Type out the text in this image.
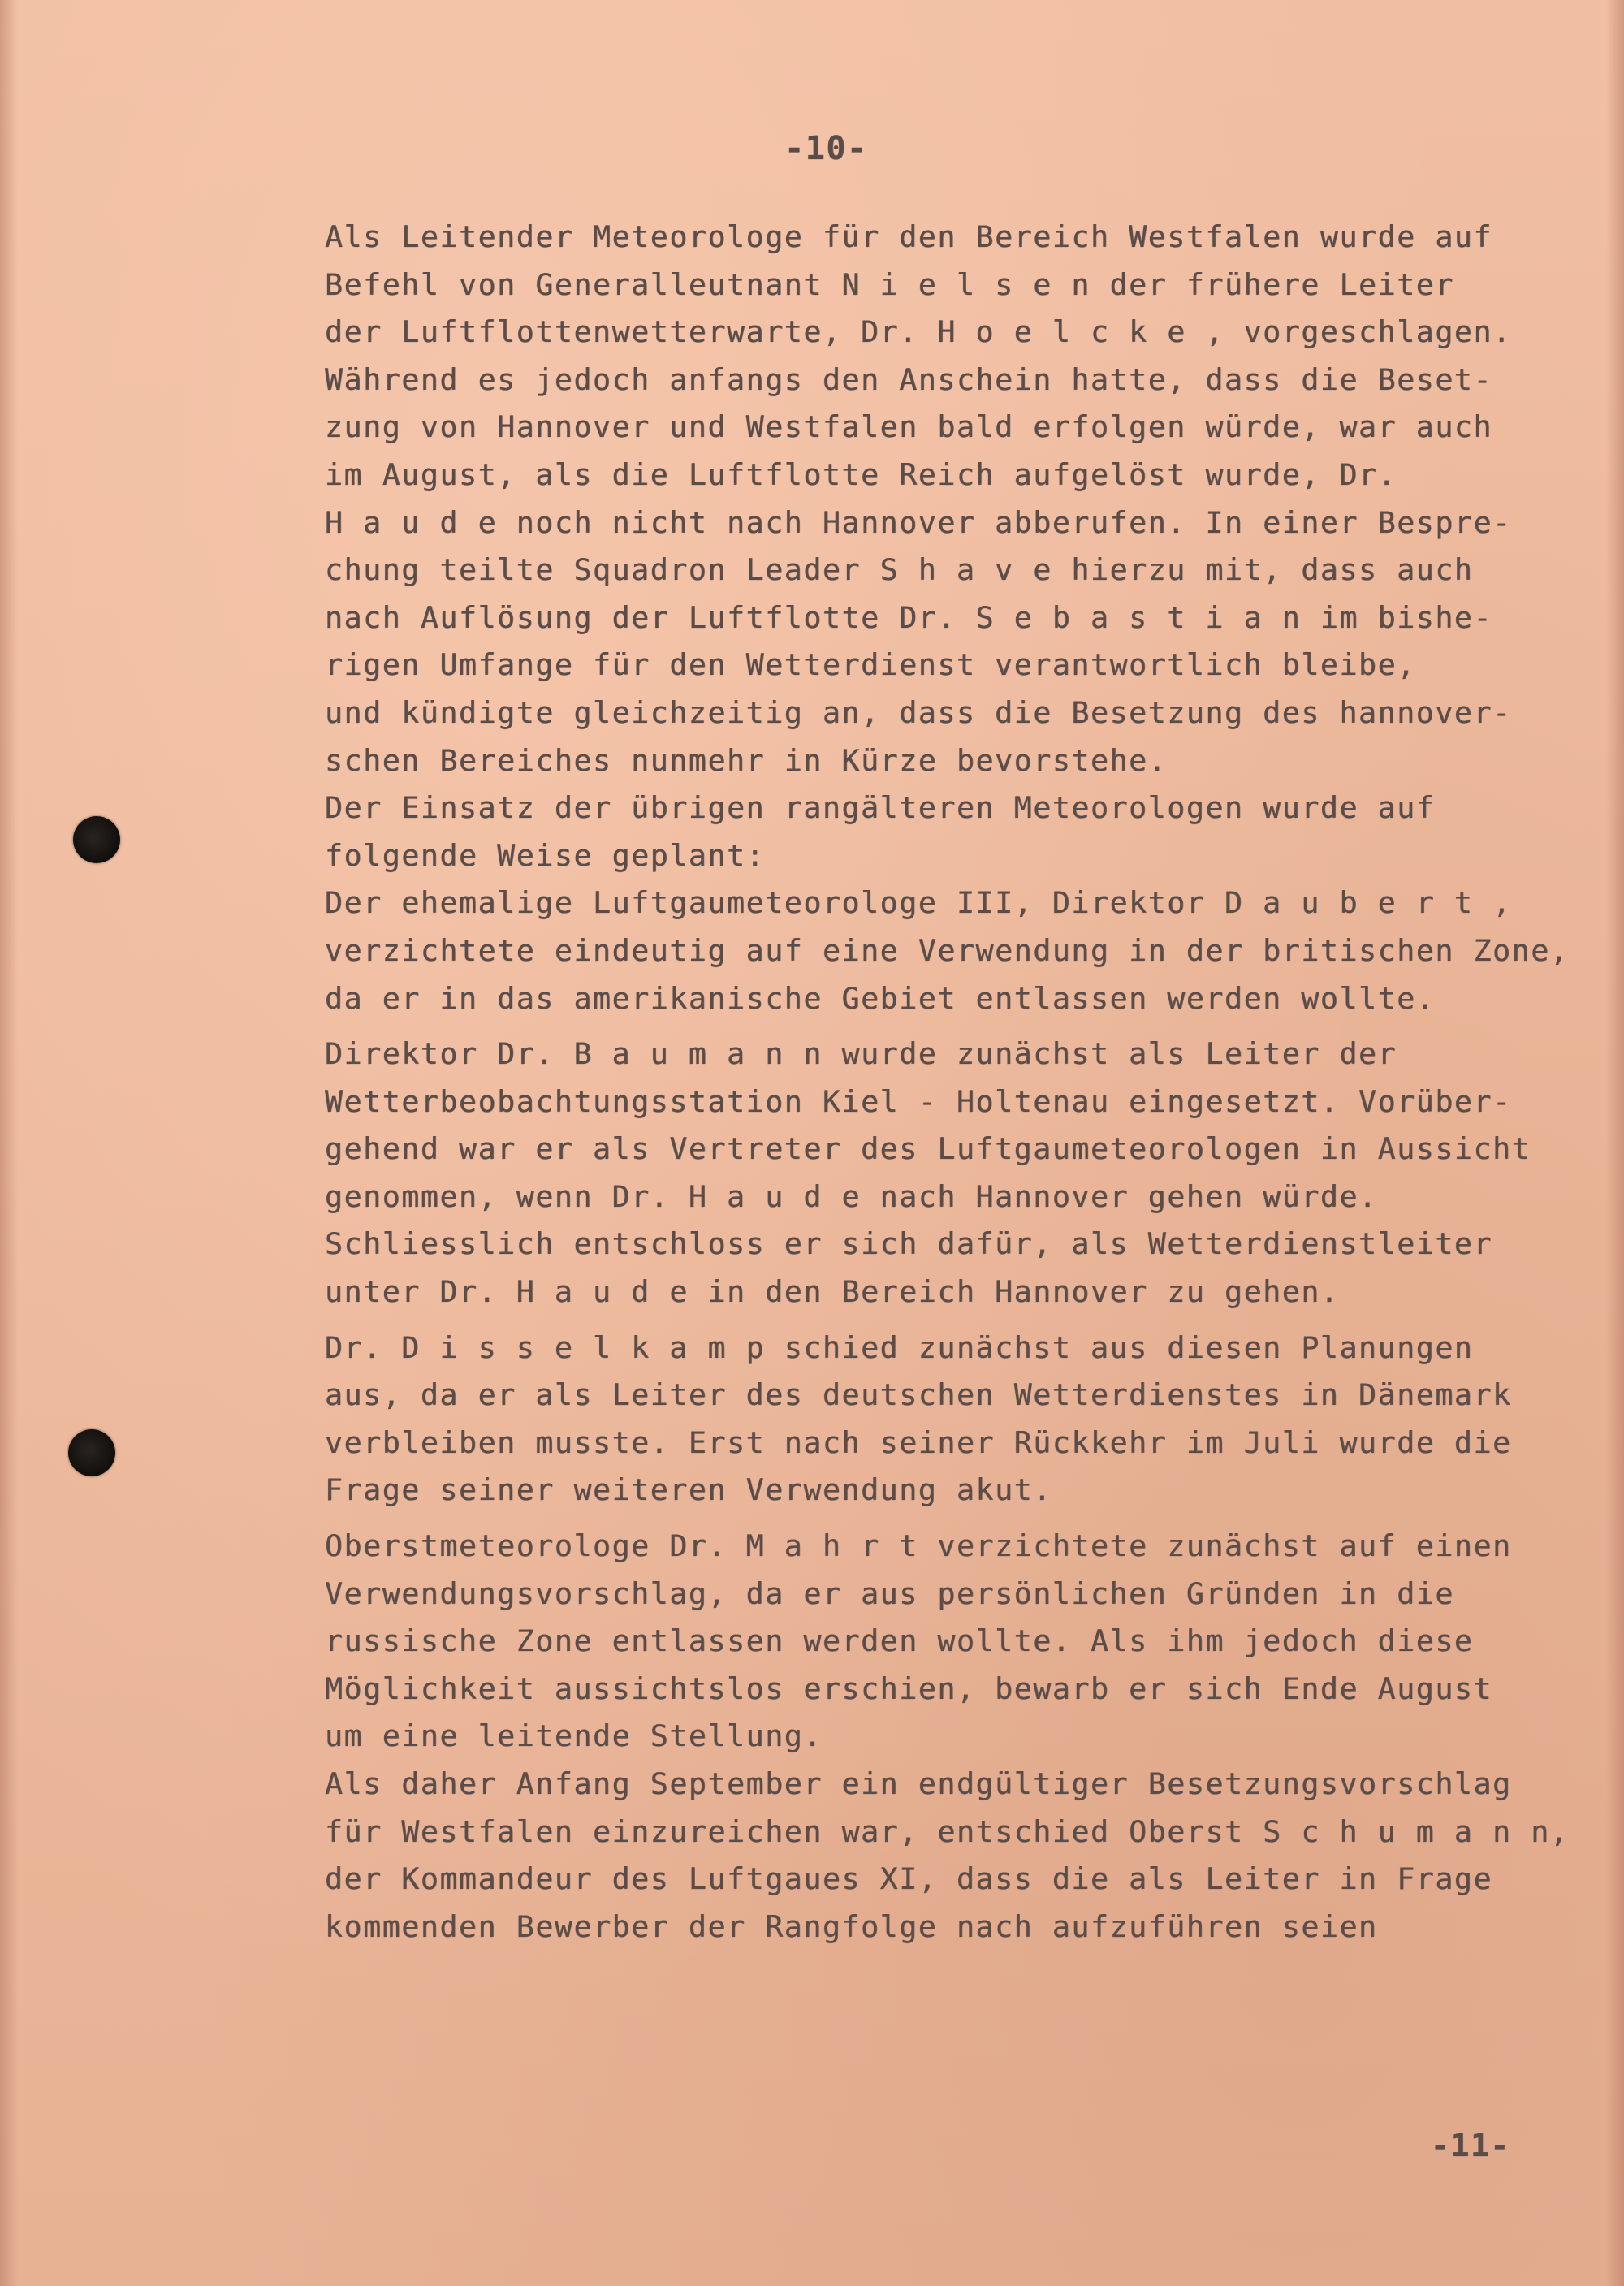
-10-
Als Leitender Meteorologe für den Bereich Westfalen wurde auf
Befehl von Generalleutnant N i e l s e n der frühere Leiter
der Luftflottenwetterwarte, Dr. H o e l c k e , vorgeschlagen.
Während es jedoch anfangs den Anschein hatte, dass die Beset-
zung von Hannover und Westfalen bald erfolgen würde, war auch
im August, als die Luftflotte Reich aufgelöst wurde, Dr.
H a u d e noch nicht nach Hannover abberufen. In einer Bespre-
chung teilte Squadron Leader S h a v e hierzu mit, dass auch
nach Auflösung der Luftflotte Dr. S e b a s t i a n im bishe-
rigen Umfange für den Wetterdienst verantwortlich bleibe,
und kündigte gleichzeitig an, dass die Besetzung des hannover-
schen Bereiches nunmehr in Kürze bevorstehe.
Der Einsatz der übrigen rangälteren Meteorologen wurde auf
folgende Weise geplant:
Der ehemalige Luftgaumeteorologe III, Direktor D a u b e r t ,
verzichtete eindeutig auf eine Verwendung in der britischen Zone,
da er in das amerikanische Gebiet entlassen werden wollte.
Direktor Dr. B a u m a n n wurde zunächst als Leiter der
Wetterbeobachtungsstation Kiel - Holtenau eingesetzt. Vorüber-
gehend war er als Vertreter des Luftgaumeteorologen in Aussicht
genommen, wenn Dr. H a u d e nach Hannover gehen würde.
Schliesslich entschloss er sich dafür, als Wetterdienstleiter
unter Dr. H a u d e in den Bereich Hannover zu gehen.
Dr. D i s s e l k a m p schied zunächst aus diesen Planungen
aus, da er als Leiter des deutschen Wetterdienstes in Dänemark
verbleiben musste. Erst nach seiner Rückkehr im Juli wurde die
Frage seiner weiteren Verwendung akut.
Oberstmeteorologe Dr. M a h r t verzichtete zunächst auf einen
Verwendungsvorschlag, da er aus persönlichen Gründen in die
russische Zone entlassen werden wollte. Als ihm jedoch diese
Möglichkeit aussichtslos erschien, bewarb er sich Ende August
um eine leitende Stellung.
Als daher Anfang September ein endgültiger Besetzungsvorschlag
für Westfalen einzureichen war, entschied Oberst S c h u m a n n,
der Kommandeur des Luftgaues XI, dass die als Leiter in Frage
kommenden Bewerber der Rangfolge nach aufzuführen seien
-11-
